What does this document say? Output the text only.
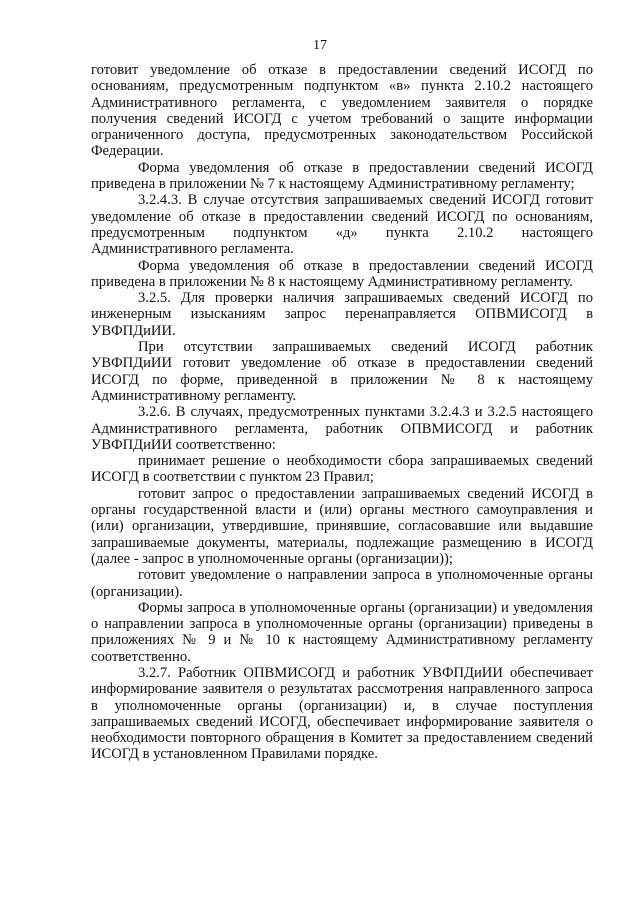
17

готовит уведомление об отказе в предоставлении сведений ИСОГД по основаниям, предусмотренным подпунктом «в» пункта 2.10.2 настоящего Административного регламента, с уведомлением заявителя о порядке получения сведений ИСОГД с учетом требований о защите информации ограниченного доступа, предусмотренных законодательством Российской Федерации.

Форма уведомления об отказе в предоставлении сведений ИСОГД приведена в приложении № 7 к настоящему Административному регламенту;

3.2.4.3. В случае отсутствия запрашиваемых сведений ИСОГД готовит уведомление об отказе в предоставлении сведений ИСОГД по основаниям, предусмотренным подпунктом «д» пункта 2.10.2 настоящего Административного регламента.

Форма уведомления об отказе в предоставлении сведений ИСОГД приведена в приложении № 8 к настоящему Административному регламенту.

3.2.5. Для проверки наличия запрашиваемых сведений ИСОГД по инженерным изысканиям запрос перенаправляется ОПВМИСОГД в УВФПДиИИ.

При отсутствии запрашиваемых сведений ИСОГД работник УВФПДиИИ готовит уведомление об отказе в предоставлении сведений ИСОГД по форме, приведенной в приложении № 8 к настоящему Административному регламенту.

3.2.6. В случаях, предусмотренных пунктами 3.2.4.3 и 3.2.5 настоящего Административного регламента, работник ОПВМИСОГД и работник УВФПДиИИ соответственно:

принимает решение о необходимости сбора запрашиваемых сведений ИСОГД в соответствии с пунктом 23 Правил;

готовит запрос о предоставлении запрашиваемых сведений ИСОГД в органы государственной власти и (или) органы местного самоуправления и (или) организации, утвердившие, принявшие, согласовавшие или выдавшие запрашиваемые документы, материалы, подлежащие размещению в ИСОГД (далее - запрос в уполномоченные органы (организации));

готовит уведомление о направлении запроса в уполномоченные органы (организации).

Формы запроса в уполномоченные органы (организации) и уведомления о направлении запроса в уполномоченные органы (организации) приведены в приложениях № 9 и № 10 к настоящему Административному регламенту соответственно.

3.2.7. Работник ОПВМИСОГД и работник УВФПДиИИ обеспечивает информирование заявителя о результатах рассмотрения направленного запроса в уполномоченные органы (организации) и, в случае поступления запрашиваемых сведений ИСОГД, обеспечивает информирование заявителя о необходимости повторного обращения в Комитет за предоставлением сведений ИСОГД в установленном Правилами порядке.
